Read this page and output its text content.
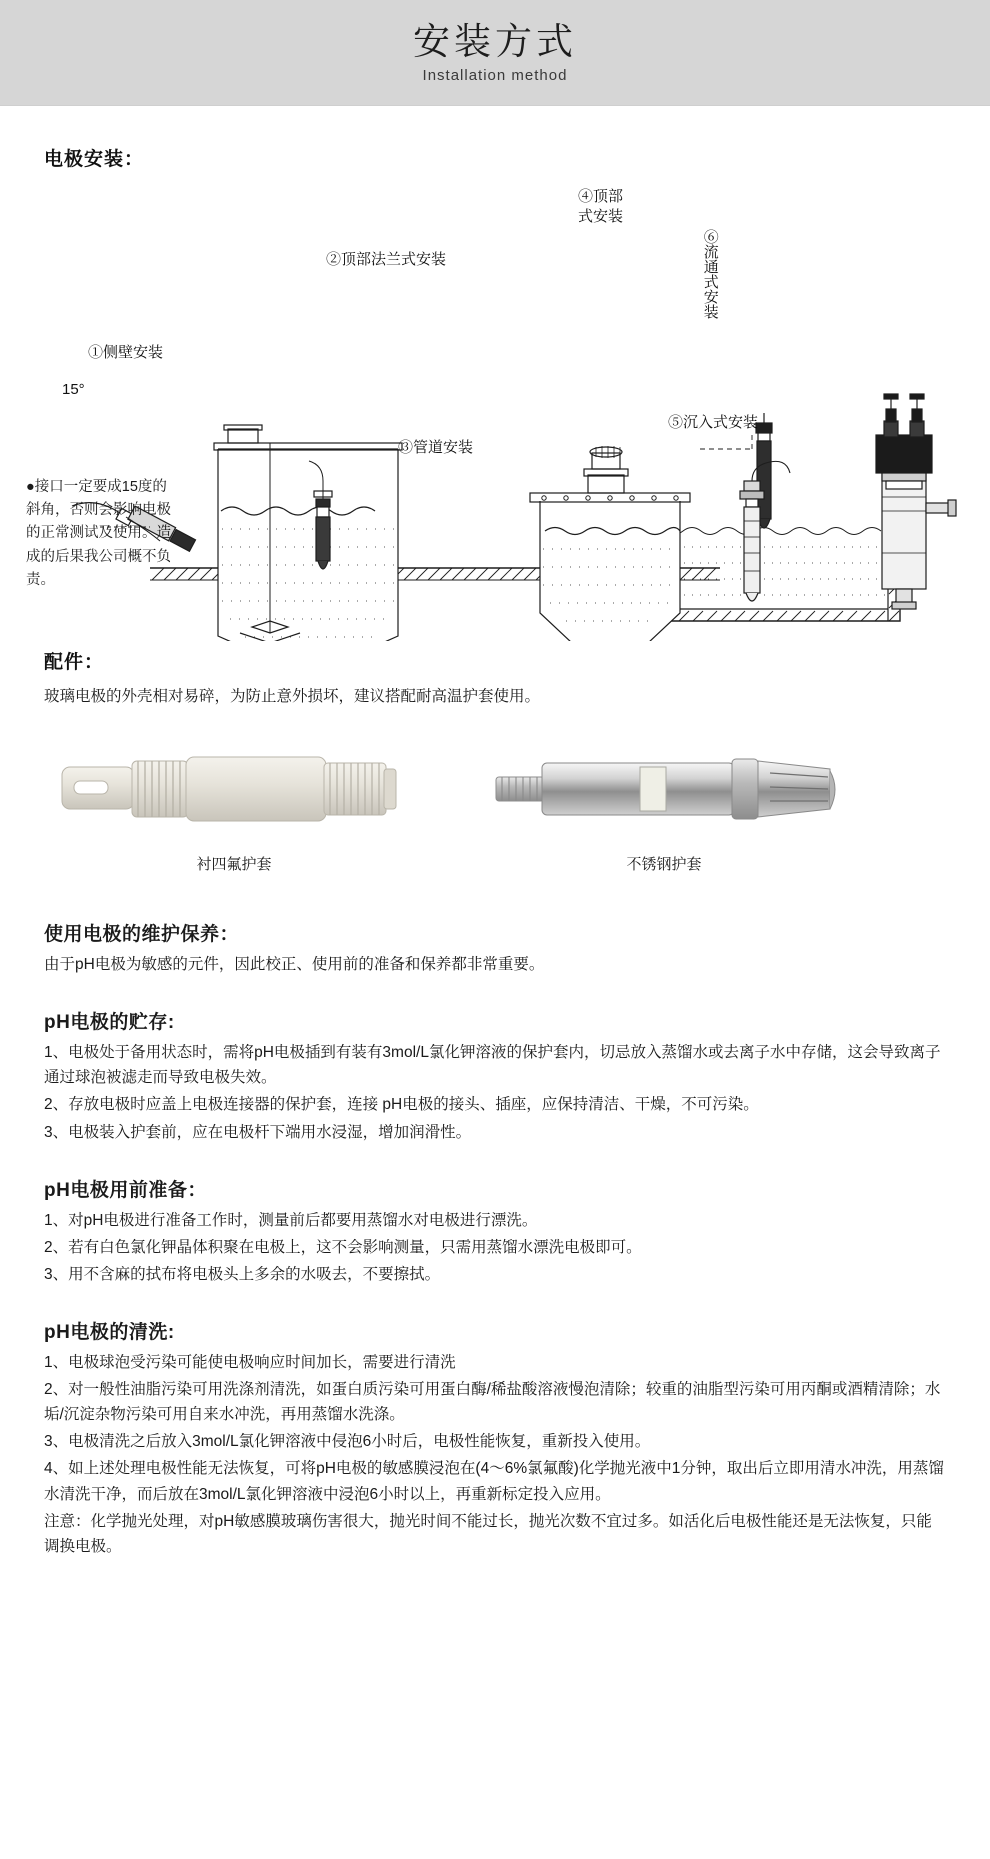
安装方式
Installation method
电极安装：
①侧壁安装
15°
②顶部法兰式安装
③管道安装
④顶部
式安装
⑥流通式安装
⑤沉入式安装
●接口一定要成15度的斜角，否则会影响电极的正常测试及使用。造成的后果我公司概不负责。
配件：

玻璃电极的外壳相对易碎，为防止意外损坏，建议搭配耐高温护套使用。

衬四氟护套	不锈钢护套
使用电极的维护保养：
由于pH电极为敏感的元件，因此校正、使用前的准备和保养都非常重要。
pH电极的贮存:
1、电极处于备用状态时，需将pH电极插到有装有3mol/L氯化钾溶液的保护套内，切忌放入蒸馏水或去离子水中存储，这会导致离子通过球泡被滤走而导致电极失效。
2、存放电极时应盖上电极连接器的保护套，连接 pH电极的接头、插座，应保持清洁、干燥，不可污染。
3、电极装入护套前，应在电极杆下端用水浸湿，增加润滑性。
pH电极用前准备：
1、对pH电极进行准备工作时，测量前后都要用蒸馏水对电极进行漂洗。
2、若有白色氯化钾晶体积聚在电极上，这不会影响测量，只需用蒸馏水漂洗电极即可。
3、用不含麻的拭布将电极头上多余的水吸去，不要擦拭。
pH电极的清洗:
1、电极球泡受污染可能使电极响应时间加长，需要进行清洗
2、对一般性油脂污染可用洗涤剂清洗，如蛋白质污染可用蛋白酶/稀盐酸溶液慢泡清除；较重的油脂型污染可用丙酮或酒精清除；水垢/沉淀杂物污染可用自来水冲洗，再用蒸馏水洗涤。
3、电极清洗之后放入3mol/L氯化钾溶液中侵泡6小时后，电极性能恢复，重新投入使用。
4、如上述处理电极性能无法恢复，可将pH电极的敏感膜浸泡在(4～6%氯氟酸)化学抛光液中1分钟，取出后立即用清水冲洗，用蒸馏水清洗干净，而后放在3mol/L氯化钾溶液中浸泡6小时以上，再重新标定投入应用。
注意：化学抛光处理，对pH敏感膜玻璃伤害很大，抛光时间不能过长，抛光次数不宜过多。如活化后电极性能还是无法恢复，只能调换电极。
